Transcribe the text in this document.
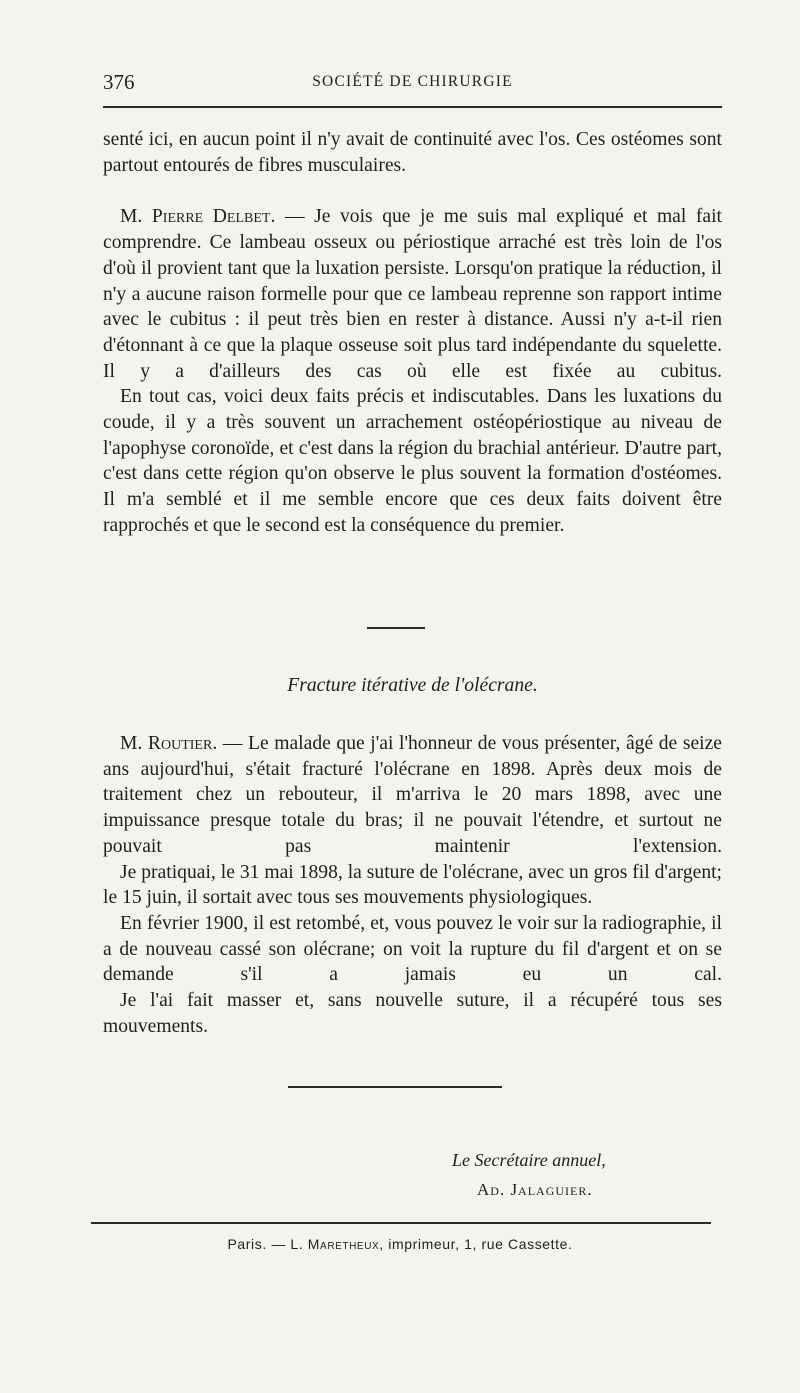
376	SOCIÉTÉ DE CHIRURGIE

senté ici, en aucun point il n'y avait de continuité avec l'os. Ces ostéomes sont partout entourés de fibres musculaires.

M. Pierre Delbet. — Je vois que je me suis mal expliqué et mal fait comprendre. Ce lambeau osseux ou périostique arraché est très loin de l'os d'où il provient tant que la luxation persiste. Lorsqu'on pratique la réduction, il n'y a aucune raison formelle pour que ce lambeau reprenne son rapport intime avec le cubitus : il peut très bien en rester à distance. Aussi n'y a-t-il rien d'étonnant à ce que la plaque osseuse soit plus tard indépendante du squelette. Il y a d'ailleurs des cas où elle est fixée au cubitus.

En tout cas, voici deux faits précis et indiscutables. Dans les luxations du coude, il y a très souvent un arrachement ostéopériostique au niveau de l'apophyse coronoïde, et c'est dans la région du brachial antérieur. D'autre part, c'est dans cette région qu'on observe le plus souvent la formation d'ostéomes. Il m'a semblé et il me semble encore que ces deux faits doivent être rapprochés et que le second est la conséquence du premier.

Fracture itérative de l'olécrane.

M. Routier. — Le malade que j'ai l'honneur de vous présenter, âgé de seize ans aujourd'hui, s'était fracturé l'olécrane en 1898. Après deux mois de traitement chez un rebouteur, il m'arriva le 20 mars 1898, avec une impuissance presque totale du bras; il ne pouvait l'étendre, et surtout ne pouvait pas maintenir l'extension.

Je pratiquai, le 31 mai 1898, la suture de l'olécrane, avec un gros fil d'argent; le 15 juin, il sortait avec tous ses mouvements physiologiques.

En février 1900, il est retombé, et, vous pouvez le voir sur la radiographie, il a de nouveau cassé son olécrane; on voit la rupture du fil d'argent et on se demande s'il a jamais eu un cal.

Je l'ai fait masser et, sans nouvelle suture, il a récupéré tous ses mouvements.

Le Secrétaire annuel,
Ad. Jalaguier.
Paris. — L. Maretheux, imprimeur, 1, rue Cassette.
